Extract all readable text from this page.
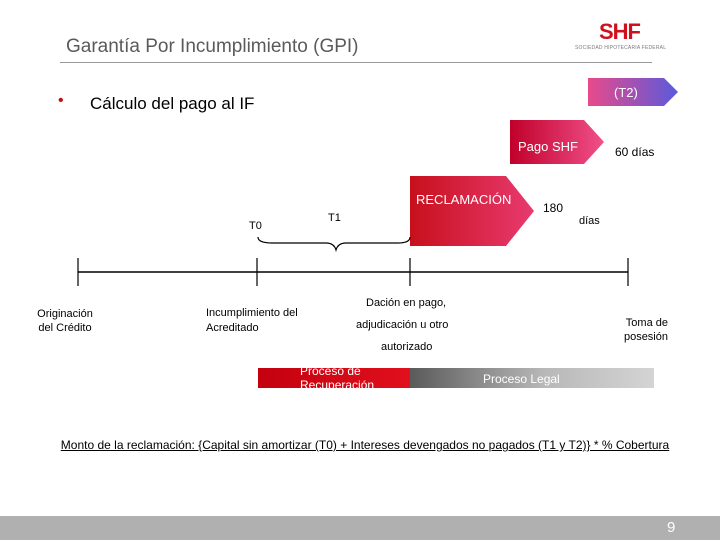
Garantía Por Incumplimiento (GPI)
SHF
SOCIEDAD HIPOTECARIA FEDERAL
• Cálculo del pago al IF
(T2)
Pago SHF	60 días
RECLAMACIÓN
180
días
T0
T1
Originación del Crédito
Incumplimiento del Acreditado
Dación en pago,
adjudicación u otro
autorizado
Toma de posesión
Proceso de Recuperación	Proceso Legal
Monto de la reclamación: {Capital sin amortizar (T0) + Intereses devengados no pagados (T1 y T2)} * % Cobertura
9
